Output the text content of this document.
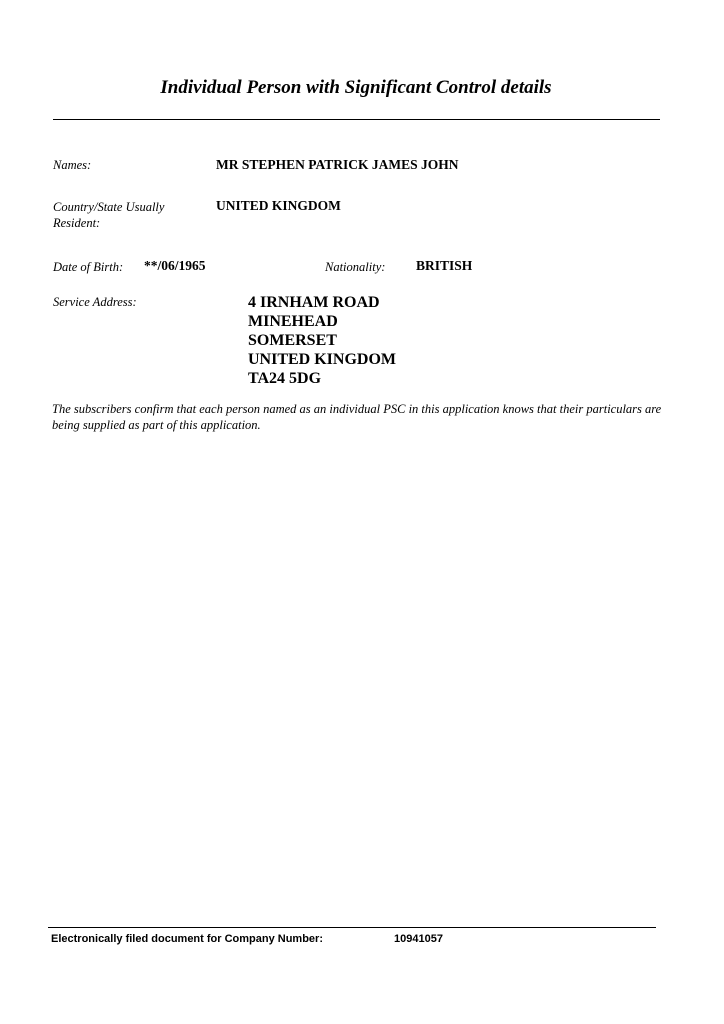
Individual Person with Significant Control details
Names:	MR STEPHEN PATRICK JAMES JOHN
Country/State Usually
Resident:
UNITED KINGDOM
Date of Birth: **/06/1965	Nationality: BRITISH
Service Address:	4 IRNHAM ROAD
MINEHEAD
SOMERSET
UNITED KINGDOM
TA24 5DG
The subscribers confirm that each person named as an individual PSC in this application knows that their particulars are being supplied as part of this application.
Electronically filed document for Company Number:	10941057
